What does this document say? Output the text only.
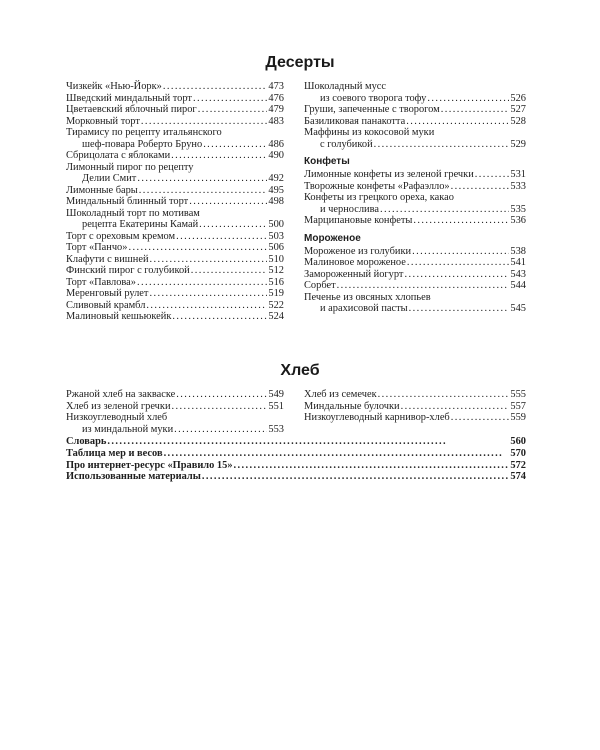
Десерты
Чизкейк «Нью-Йорк» . . .	473
Шведский миндальный торт . . .	476
Цветаевский яблочный пирог . . .	479
Морковный торт . . .	483
Тирамису по рецепту итальянского
шеф-повара Роберто Бруно . . .	486
Сбрицолата с яблоками . . .	490
Лимонный пирог по рецепту
Делии Смит . . .	492
Лимонные бары . . .	495
Миндальный блинный торт . . .	498
Шоколадный торт по мотивам
рецепта Екатерины Камай . . .	500
Торт с ореховым кремом . . .	503
Торт «Панчо» . . .	506
Клафути с вишней . . .	510
Финский пирог с голубикой . . .	512
Торт «Павлова» . . .	516
Меренговый рулет . . .	519
Сливовый крамбл . . .	522
Малиновый кешьюкейк . . .	524
Шоколадный мусс
из соевого творога тофу . . .	526
Груши, запеченные с творогом . . .	527
Базиликовая панакотта . . .	528
Маффины из кокосовой муки
с голубикой . . .	529
Конфеты
Лимонные конфеты из зеленой гречки . . .	531
Творожные конфеты «Рафаэлло» . . .	533
Конфеты из грецкого ореха, какао
и чернослива . . .	535
Марципановые конфеты . . .	536
Мороженое
Мороженое из голубики . . .	538
Малиновое мороженое . . .	541
Замороженный йогурт . . .	543
Сорбет . . .	544
Печенье из овсяных хлопьев
и арахисовой пасты . . .	545
Хлеб
Ржаной хлеб на закваске . . .	549
Хлеб из зеленой гречки . . .	551
Низкоуглеводный хлеб
из миндальной муки . . .	553
Хлеб из семечек . . .	555
Миндальные булочки . . .	557
Низкоуглеводный карнивор-хлеб . . .	559
Словарь . . .	560
Таблица мер и весов . . .	570
Про интернет-ресурс «Правило 15» . . .	572
Использованные материалы . . .	574
